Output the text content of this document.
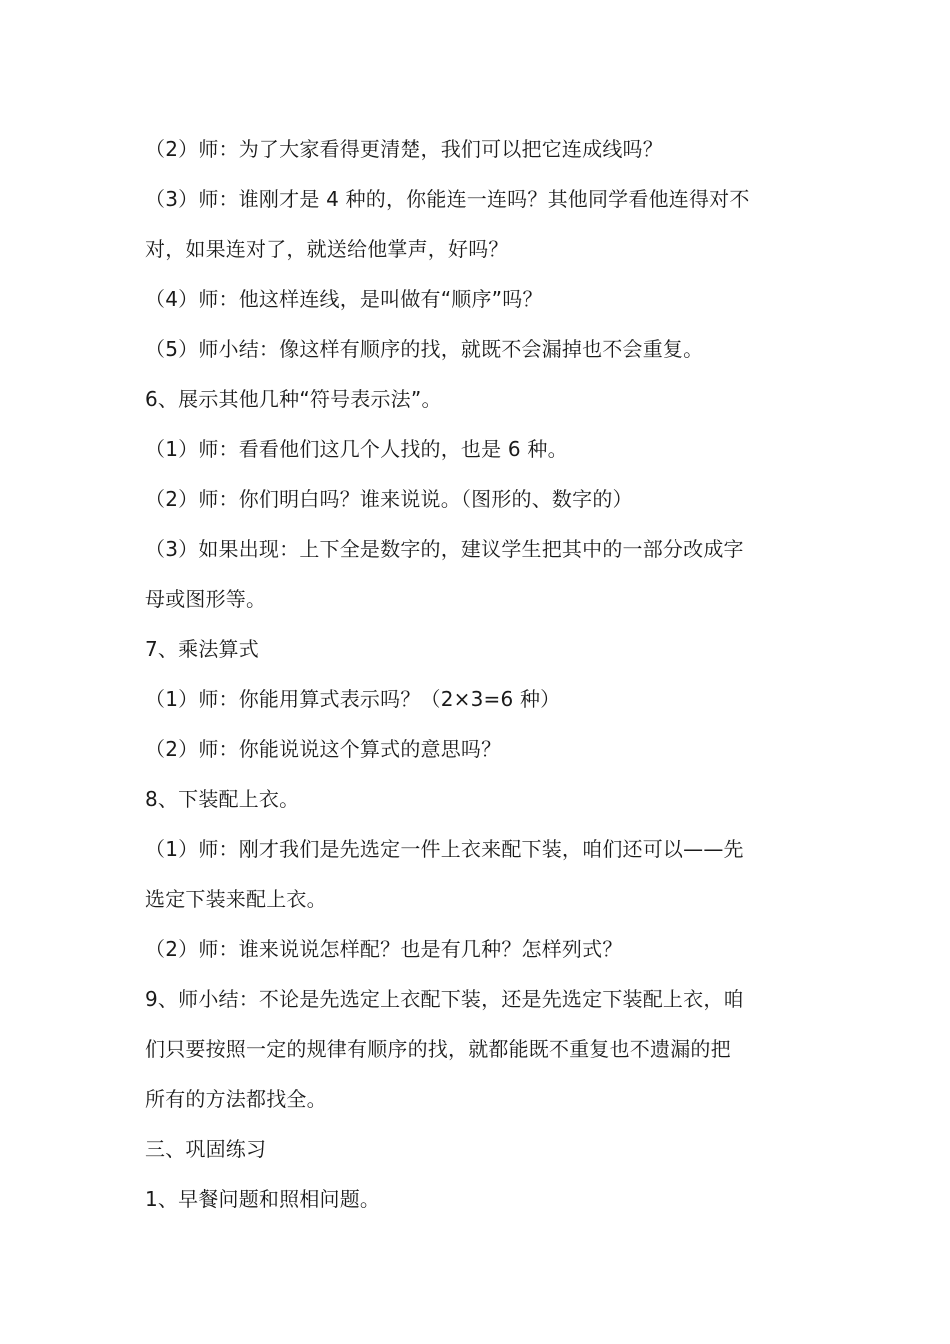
（2）师：为了大家看得更清楚，我们可以把它连成线吗？
（3）师：谁刚才是 4 种的，你能连一连吗？其他同学看他连得对不
对，如果连对了，就送给他掌声，好吗？
（4）师：他这样连线，是叫做有“顺序”吗？
（5）师小结：像这样有顺序的找，就既不会漏掉也不会重复。
6、展示其他几种“符号表示法”。
（1）师：看看他们这几个人找的，也是 6 种。
（2）师：你们明白吗？谁来说说。（图形的、数字的）
（3）如果出现：上下全是数字的，建议学生把其中的一部分改成字
母或图形等。
7、乘法算式
（1）师：你能用算式表示吗？（2×3=6 种）
（2）师：你能说说这个算式的意思吗？
8、下装配上衣。
（1）师：刚才我们是先选定一件上衣来配下装，咱们还可以——先
选定下装来配上衣。
（2）师：谁来说说怎样配？也是有几种？怎样列式？
9、师小结：不论是先选定上衣配下装，还是先选定下装配上衣，咱
们只要按照一定的规律有顺序的找，就都能既不重复也不遗漏的把
所有的方法都找全。
三、巩固练习
1、早餐问题和照相问题。
